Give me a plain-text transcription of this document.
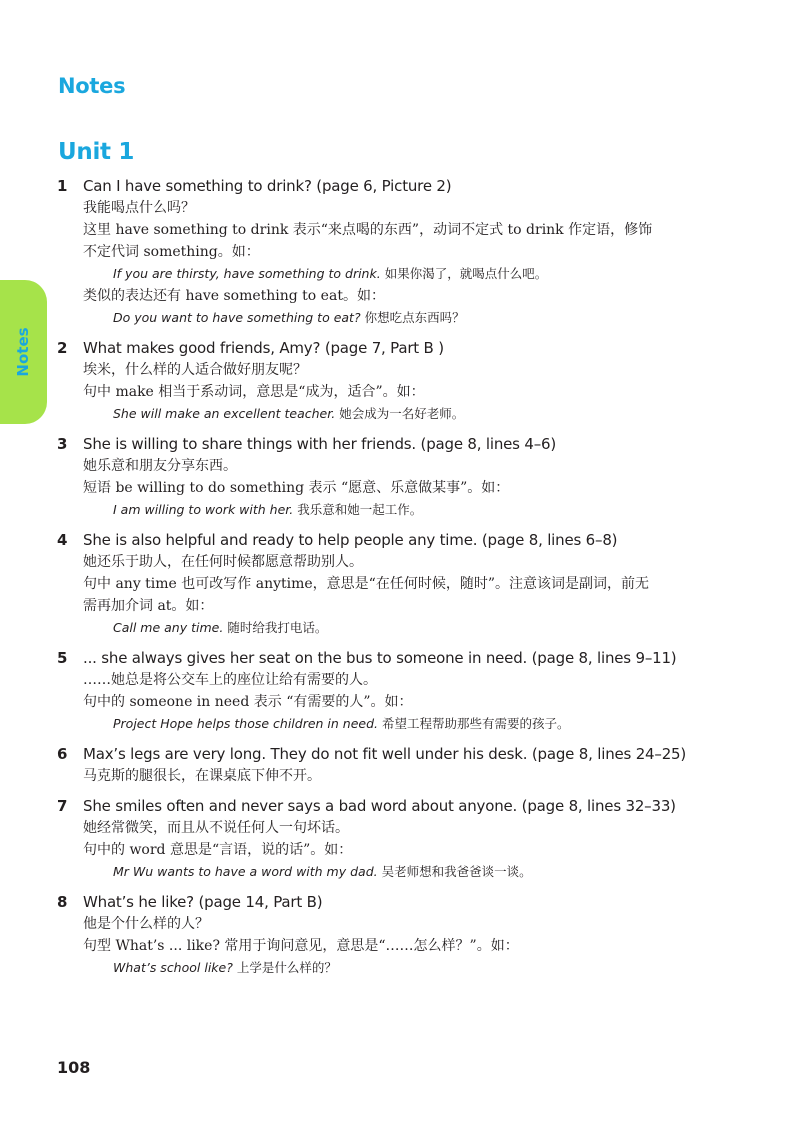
Notes
Unit 1
Notes
1	Can I have something to drink? (page 6, Picture 2)
我能喝点什么吗？
这里 have something to drink 表示“来点喝的东西”，动词不定式 to drink 作定语，修饰
不定代词 something。如：
If you are thirsty, have something to drink. 如果你渴了，就喝点什么吧。
类似的表达还有 have something to eat。如：
Do you want to have something to eat? 你想吃点东西吗？
2	What makes good friends, Amy? (page 7, Part B )
埃米，什么样的人适合做好朋友呢？
句中 make 相当于系动词，意思是“成为，适合”。如：
She will make an excellent teacher. 她会成为一名好老师。
3	She is willing to share things with her friends. (page 8, lines 4–6)
她乐意和朋友分享东西。
短语 be willing to do something 表示 “愿意、乐意做某事”。如：
I am willing to work with her. 我乐意和她一起工作。
4	She is also helpful and ready to help people any time. (page 8, lines 6–8)
她还乐于助人，在任何时候都愿意帮助别人。
句中 any time 也可改写作 anytime，意思是“在任何时候，随时”。注意该词是副词，前无
需再加介词 at。如：
Call me any time. 随时给我打电话。
5	... she always gives her seat on the bus to someone in need. (page 8, lines 9–11)
……她总是将公交车上的座位让给有需要的人。
句中的 someone in need 表示 “有需要的人”。如：
Project Hope helps those children in need. 希望工程帮助那些有需要的孩子。
6	Max’s legs are very long. They do not fit well under his desk. (page 8, lines 24–25)
马克斯的腿很长，在课桌底下伸不开。
7	She smiles often and never says a bad word about anyone. (page 8, lines 32–33)
她经常微笑，而且从不说任何人一句坏话。
句中的 word 意思是“言语，说的话”。如：
Mr Wu wants to have a word with my dad. 吴老师想和我爸爸谈一谈。
8	What’s he like? (page 14, Part B)
他是个什么样的人？
句型 What’s ... like? 常用于询问意见，意思是“……怎么样？”。如：
What’s school like? 上学是什么样的？
108
